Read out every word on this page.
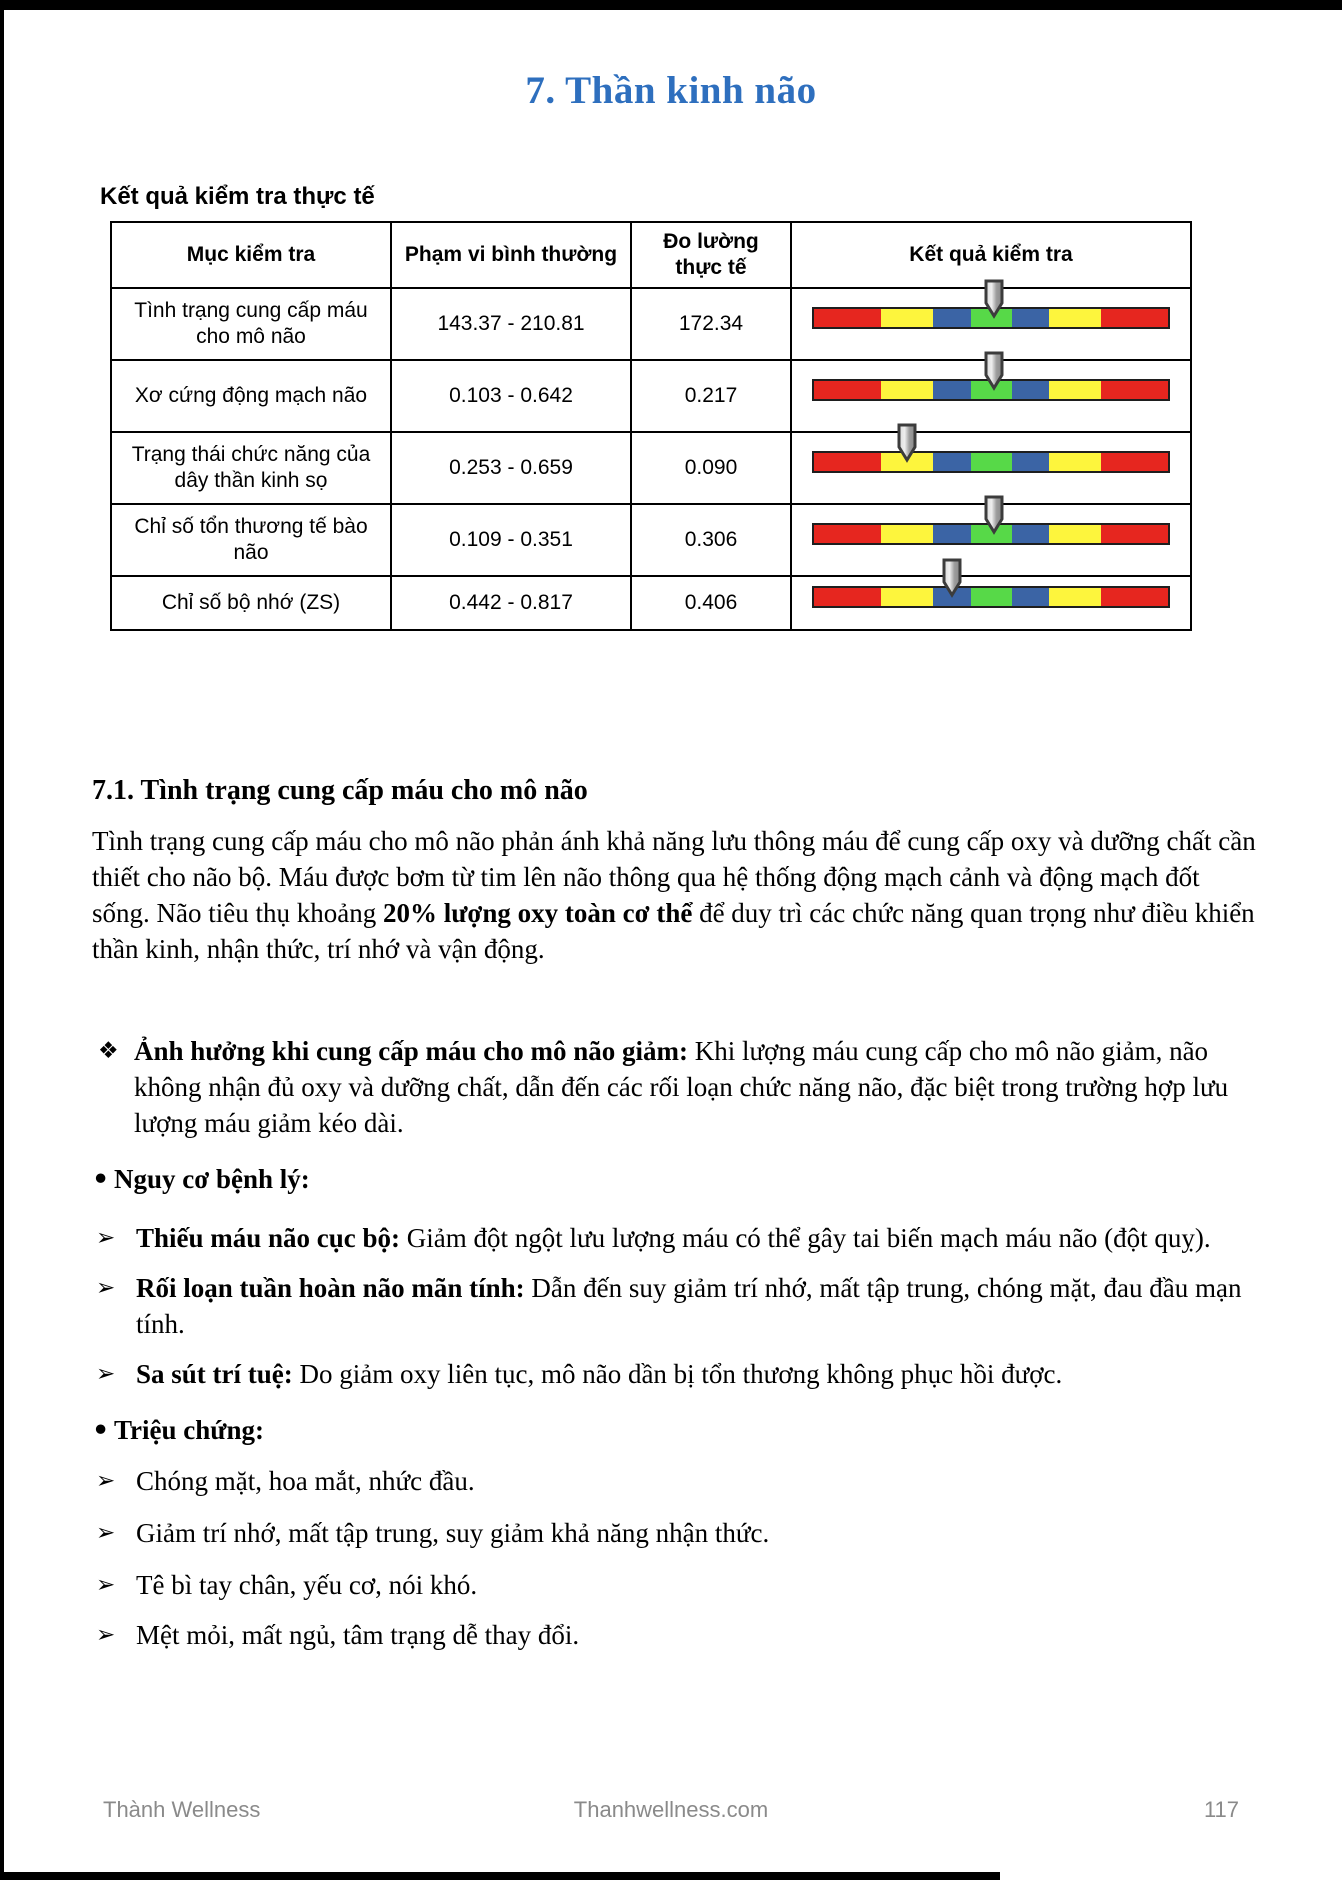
7. Thần kinh não
Kết quả kiểm tra thực tế
Mục kiểm tra	Phạm vi bình thường	Đo lường thực tế	Kết quả kiểm tra
Tình trạng cung cấp máu cho mô não	143.37 - 210.81	172.34	

Xơ cứng động mạch não	0.103 - 0.642	0.217	

Trạng thái chức năng của dây thần kinh sọ	0.253 - 0.659	0.090	

Chỉ số tổn thương tế bào não	0.109 - 0.351	0.306	

Chỉ số bộ nhớ (ZS)	0.442 - 0.817	0.406	
7.1. Tình trạng cung cấp máu cho mô não

Tình trạng cung cấp máu cho mô não phản ánh khả năng lưu thông máu để cung cấp oxy và dưỡng chất cần thiết cho não bộ. Máu được bơm từ tim lên não thông qua hệ thống động mạch cảnh và động mạch đốt sống. Não tiêu thụ khoảng 20% lượng oxy toàn cơ thể để duy trì các chức năng quan trọng như điều khiển thần kinh, nhận thức, trí nhớ và vận động.

❖ Ảnh hưởng khi cung cấp máu cho mô não giảm: Khi lượng máu cung cấp cho mô não giảm, não không nhận đủ oxy và dưỡng chất, dẫn đến các rối loạn chức năng não, đặc biệt trong trường hợp lưu lượng máu giảm kéo dài.
• Nguy cơ bệnh lý:
➢ Thiếu máu não cục bộ: Giảm đột ngột lưu lượng máu có thể gây tai biến mạch máu não (đột quỵ).
➢ Rối loạn tuần hoàn não mãn tính: Dẫn đến suy giảm trí nhớ, mất tập trung, chóng mặt, đau đầu mạn tính.
➢ Sa sút trí tuệ: Do giảm oxy liên tục, mô não dần bị tổn thương không phục hồi được.
• Triệu chứng:
➢ Chóng mặt, hoa mắt, nhức đầu.
➢ Giảm trí nhớ, mất tập trung, suy giảm khả năng nhận thức.
➢ Tê bì tay chân, yếu cơ, nói khó.
➢ Mệt mỏi, mất ngủ, tâm trạng dễ thay đổi.
Thành Wellness	Thanhwellness.com	117
